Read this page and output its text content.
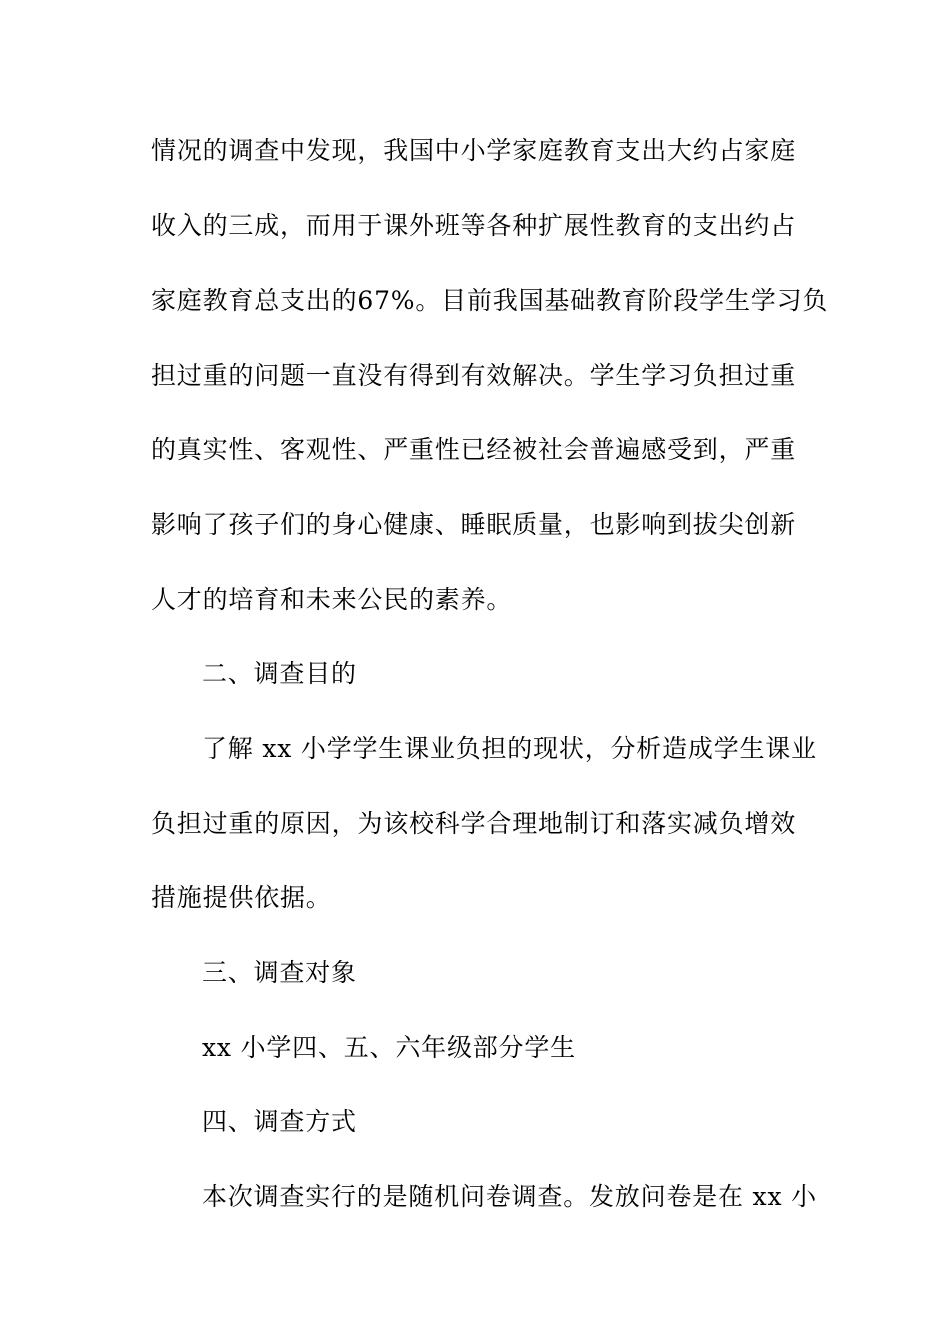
情况的调查中发现，我国中小学家庭教育支出大约占家庭
收入的三成，而用于课外班等各种扩展性教育的支出约占
家庭教育总支出的67%。目前我国基础教育阶段学生学习负
担过重的问题一直没有得到有效解决。学生学习负担过重
的真实性、客观性、严重性已经被社会普遍感受到，严重
影响了孩子们的身心健康、睡眠质量，也影响到拔尖创新
人才的培育和未来公民的素养。
二、调查目的
了解 xx 小学学生课业负担的现状，分析造成学生课业
负担过重的原因，为该校科学合理地制订和落实减负增效
措施提供依据。
三、调查对象
xx 小学四、五、六年级部分学生
四、调查方式
本次调查实行的是随机问卷调查。发放问卷是在 xx 小
